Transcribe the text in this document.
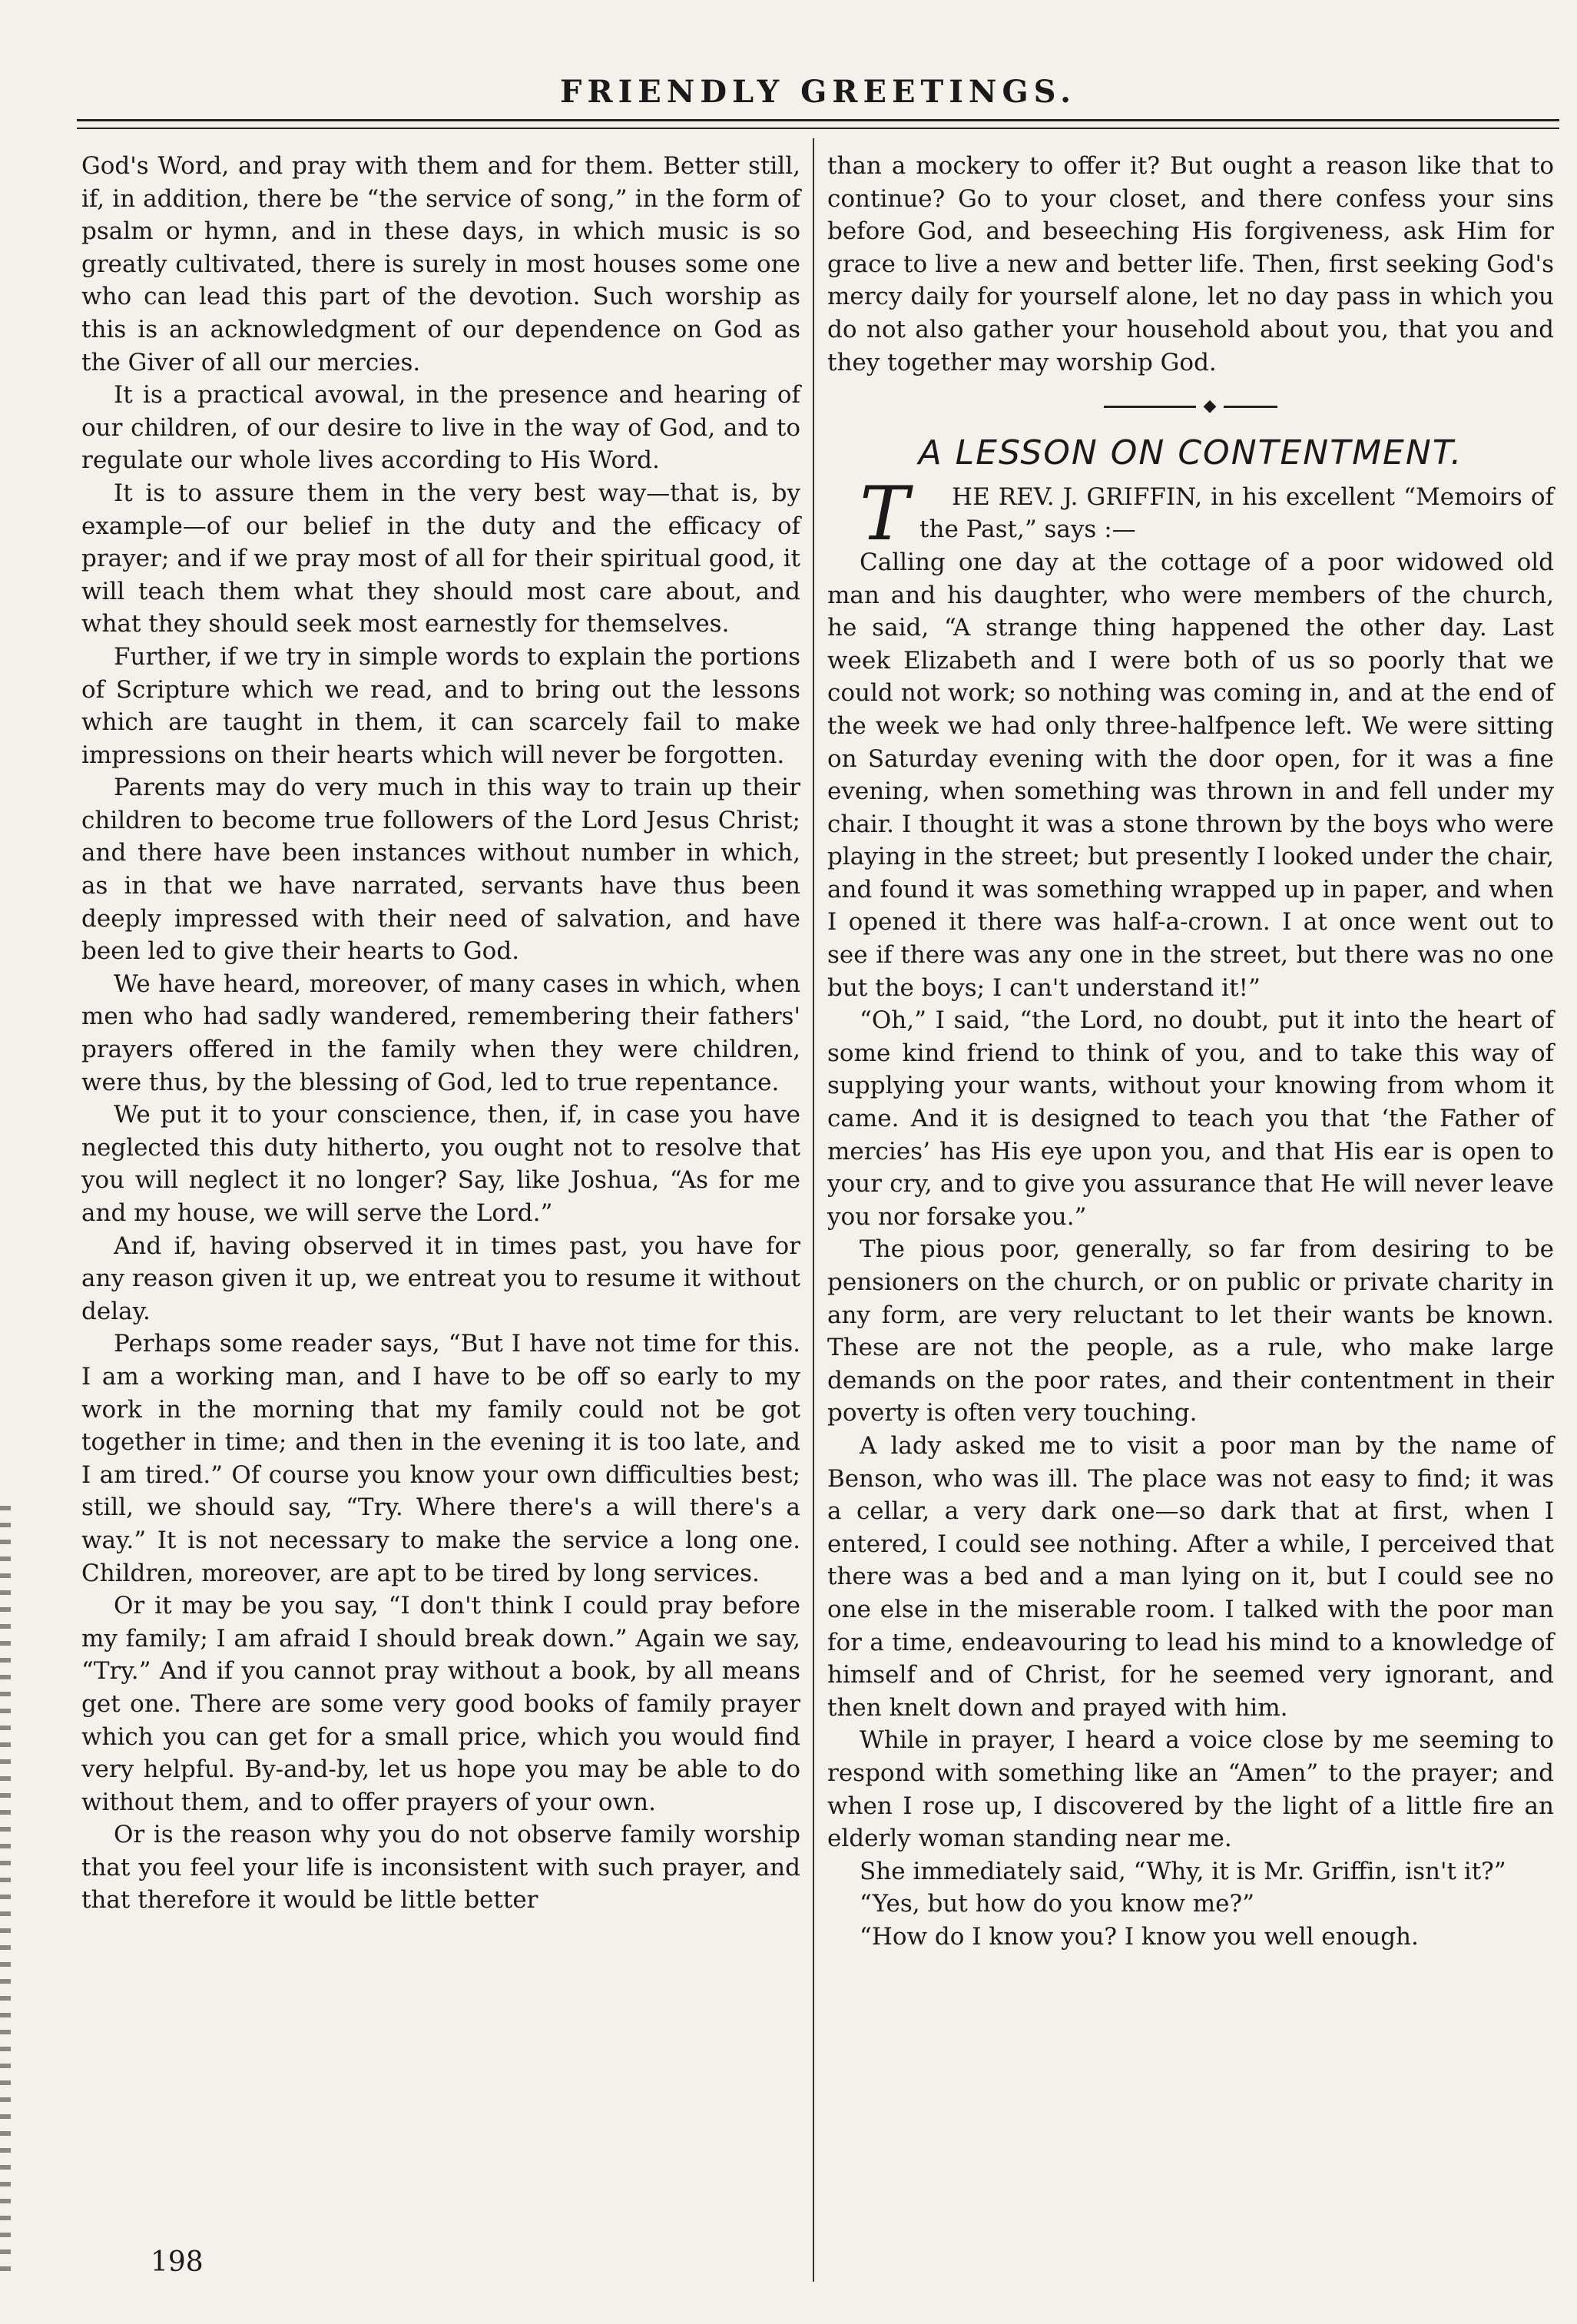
FRIENDLY GREETINGS.

God's Word, and pray with them and for them. Better still, if, in addition, there be “the service of song,” in the form of psalm or hymn, and in these days, in which music is so greatly cultivated, there is surely in most houses some one who can lead this part of the devotion. Such worship as this is an acknowledgment of our dependence on God as the Giver of all our mercies.

It is a practical avowal, in the presence and hearing of our children, of our desire to live in the way of God, and to regulate our whole lives according to His Word.

It is to assure them in the very best way—that is, by example—of our belief in the duty and the efficacy of prayer; and if we pray most of all for their spiritual good, it will teach them what they should most care about, and what they should seek most earnestly for themselves.

Further, if we try in simple words to explain the portions of Scripture which we read, and to bring out the lessons which are taught in them, it can scarcely fail to make impressions on their hearts which will never be forgotten.

Parents may do very much in this way to train up their children to become true followers of the Lord Jesus Christ; and there have been instances without number in which, as in that we have narrated, servants have thus been deeply impressed with their need of salvation, and have been led to give their hearts to God.

We have heard, moreover, of many cases in which, when men who had sadly wandered, remembering their fathers' prayers offered in the family when they were children, were thus, by the blessing of God, led to true repentance.

We put it to your conscience, then, if, in case you have neglected this duty hitherto, you ought not to resolve that you will neglect it no longer? Say, like Joshua, “As for me and my house, we will serve the Lord.”

And if, having observed it in times past, you have for any reason given it up, we entreat you to resume it without delay.

Perhaps some reader says, “But I have not time for this. I am a working man, and I have to be off so early to my work in the morning that my family could not be got together in time; and then in the evening it is too late, and I am tired.” Of course you know your own difficulties best; still, we should say, “Try. Where there's a will there's a way.” It is not necessary to make the service a long one. Children, moreover, are apt to be tired by long services.

Or it may be you say, “I don't think I could pray before my family; I am afraid I should break down.” Again we say, “Try.” And if you cannot pray without a book, by all means get one. There are some very good books of family prayer which you can get for a small price, which you would find very helpful. By-and-by, let us hope you may be able to do without them, and to offer prayers of your own.

Or is the reason why you do not observe family worship that you feel your life is inconsistent with such prayer, and that therefore it would be little better

than a mockery to offer it? But ought a reason like that to continue? Go to your closet, and there confess your sins before God, and beseeching His forgiveness, ask Him for grace to live a new and better life. Then, first seeking God's mercy daily for yourself alone, let no day pass in which you do not also gather your household about you, that you and they together may worship God.

◆
A LESSON ON CONTENTMENT.

T HE REV. J. GRIFFIN, in his excellent “Memoirs of the Past,” says :—

Calling one day at the cottage of a poor widowed old man and his daughter, who were members of the church, he said, “A strange thing happened the other day. Last week Elizabeth and I were both of us so poorly that we could not work; so nothing was coming in, and at the end of the week we had only three-halfpence left. We were sitting on Saturday evening with the door open, for it was a fine evening, when something was thrown in and fell under my chair. I thought it was a stone thrown by the boys who were playing in the street; but presently I looked under the chair, and found it was something wrapped up in paper, and when I opened it there was half-a-crown. I at once went out to see if there was any one in the street, but there was no one but the boys; I can't understand it!”

“Oh,” I said, “the Lord, no doubt, put it into the heart of some kind friend to think of you, and to take this way of supplying your wants, without your knowing from whom it came. And it is designed to teach you that ‘the Father of mercies’ has His eye upon you, and that His ear is open to your cry, and to give you assurance that He will never leave you nor forsake you.”

The pious poor, generally, so far from desiring to be pensioners on the church, or on public or private charity in any form, are very reluctant to let their wants be known. These are not the people, as a rule, who make large demands on the poor rates, and their contentment in their poverty is often very touching.

A lady asked me to visit a poor man by the name of Benson, who was ill. The place was not easy to find; it was a cellar, a very dark one—so dark that at first, when I entered, I could see nothing. After a while, I perceived that there was a bed and a man lying on it, but I could see no one else in the miserable room. I talked with the poor man for a time, endeavouring to lead his mind to a knowledge of himself and of Christ, for he seemed very ignorant, and then knelt down and prayed with him.

While in prayer, I heard a voice close by me seeming to respond with something like an “Amen” to the prayer; and when I rose up, I discovered by the light of a little fire an elderly woman standing near me.

She immediately said, “Why, it is Mr. Griffin, isn't it?”

“Yes, but how do you know me?”

“How do I know you? I know you well enough.

198
